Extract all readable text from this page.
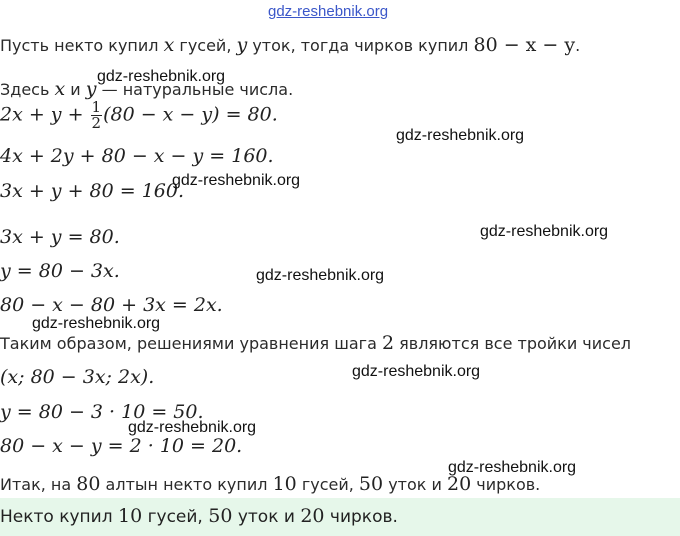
gdz-reshebnik.org
Пусть некто купил x гусей, y уток, тогда чирков купил 80 − x − y.
Здесь x и y — натуральные числа.
gdz-reshebnik.org
$2x + y + \frac{1}{2} (80 - x - y) = 80$.
gdz-reshebnik.org
4x + 2y + 80 − x − y = 160.
3x + y + 80 = 160.
gdz-reshebnik.org
3x + y = 80.	gdz-reshebnik.org
y = 80 − 3x.	gdz-reshebnik.org
80 − x − 80 + 3x = 2x.
gdz-reshebnik.org
Таким образом, решениями уравнения шага 2 являются все тройки чисел
(x; 80 − 3x; 2x).	gdz-reshebnik.org
y = 80 − 3 · 10 = 50.
gdz-reshebnik.org
80 − x − y = 2 · 10 = 20.
Итак, на 80 алтын некто купил 10 гусей, 50 уток и 20 чирков.
gdz-reshebnik.org
Некто купил 10 гусей, 50 уток и 20 чирков.
